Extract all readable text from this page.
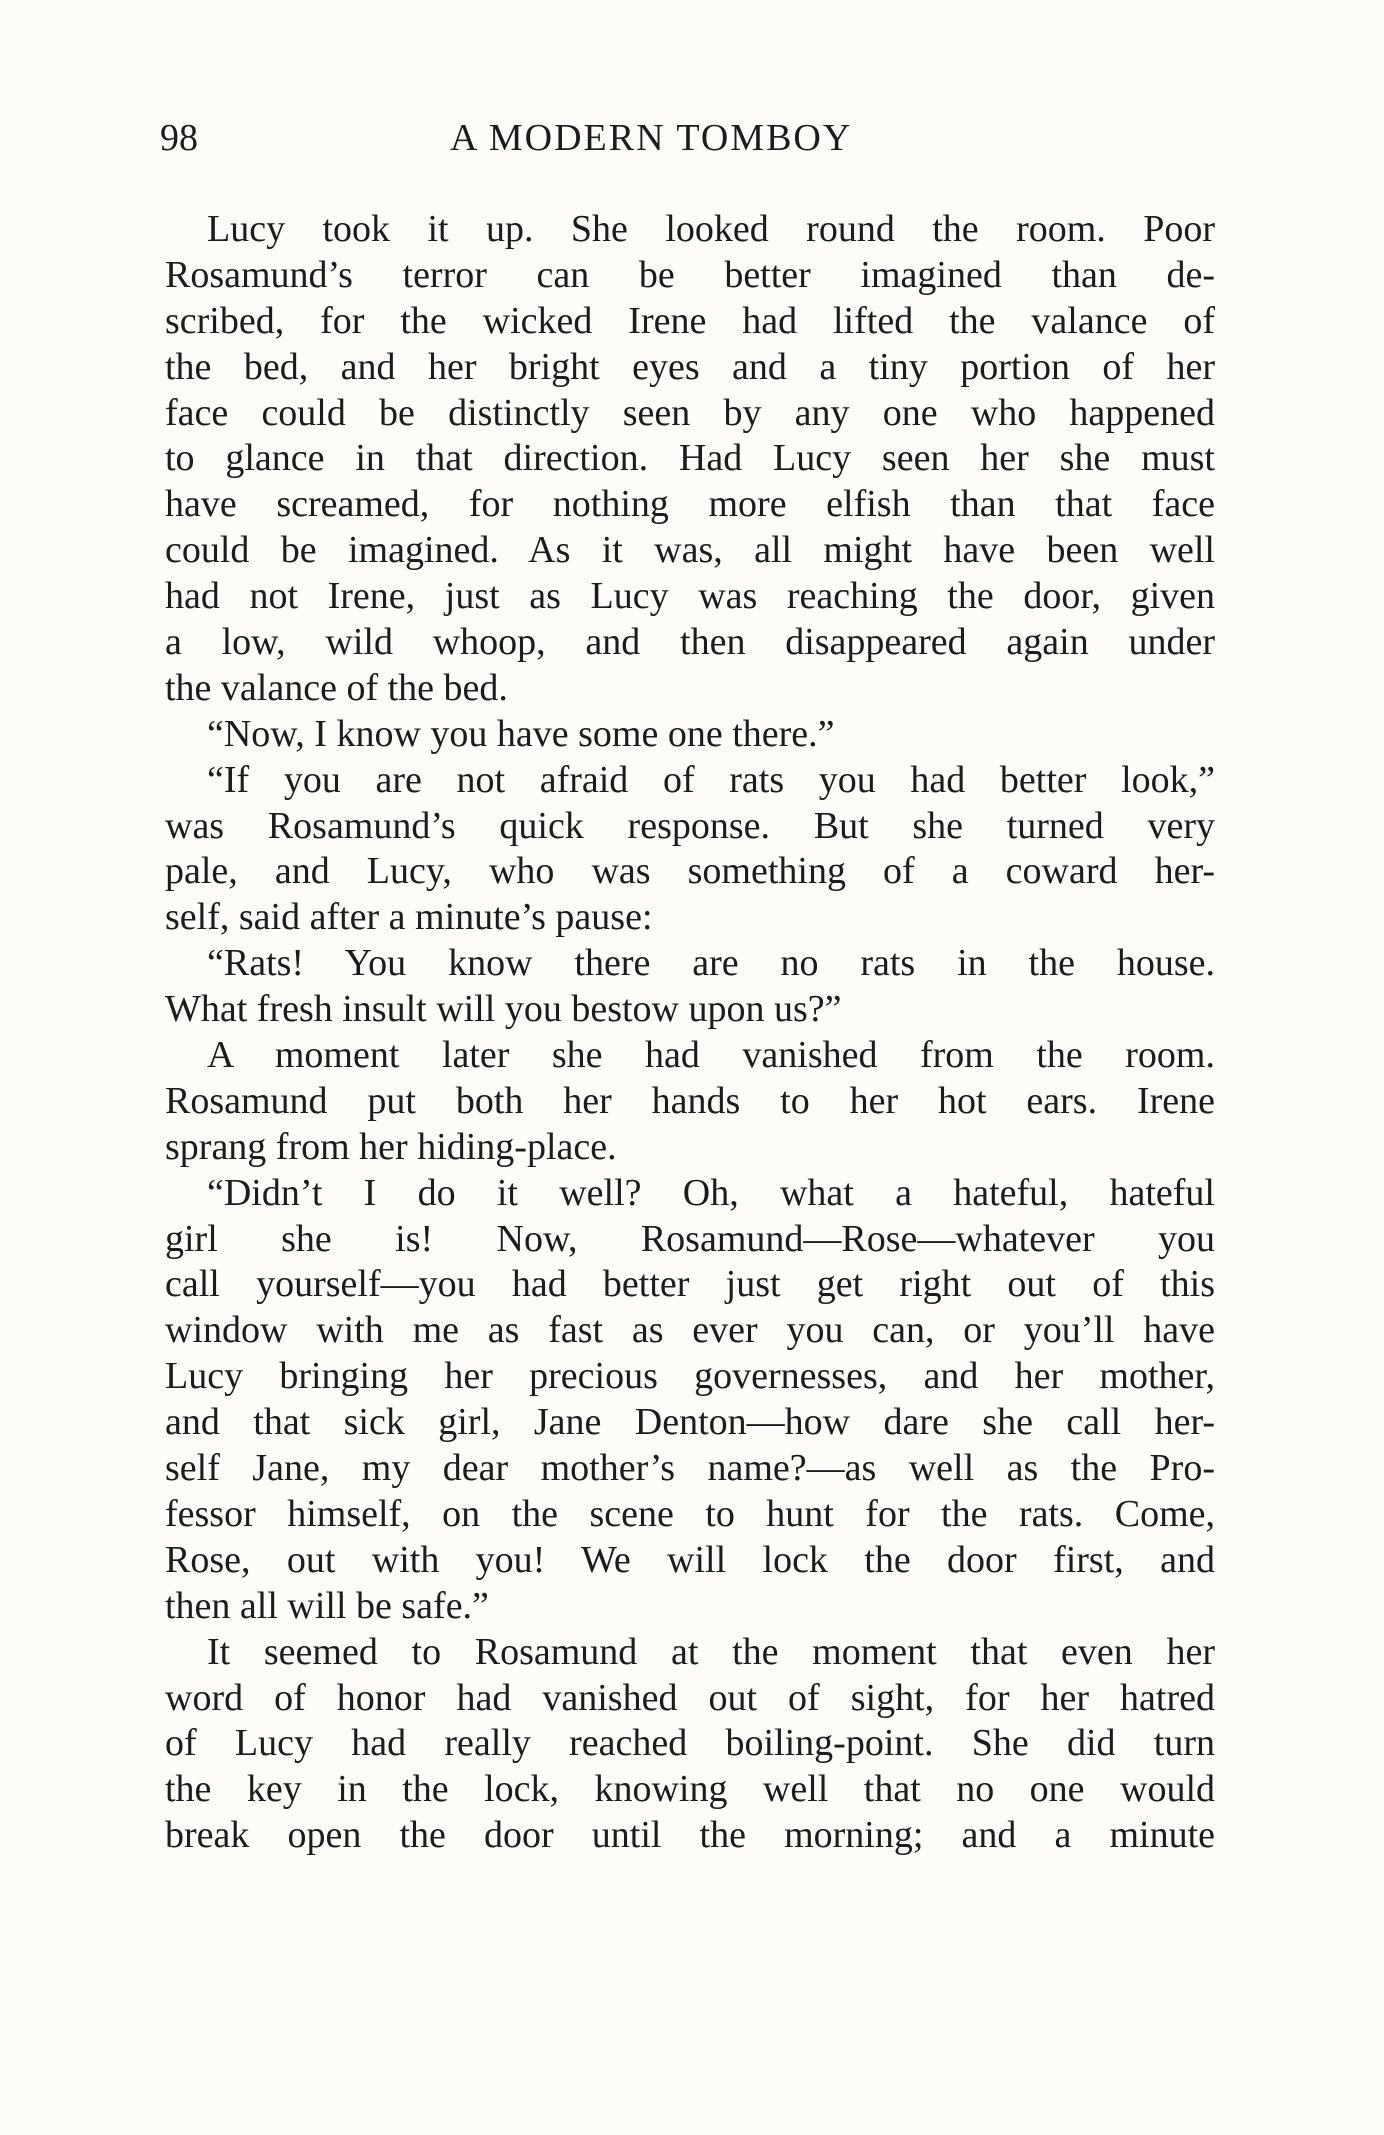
98	A MODERN TOMBOY
Lucy took it up. She looked round the room. Poor
Rosamund’s terror can be better imagined than de-
scribed, for the wicked Irene had lifted the valance of
the bed, and her bright eyes and a tiny portion of her
face could be distinctly seen by any one who happened
to glance in that direction. Had Lucy seen her she must
have screamed, for nothing more elfish than that face
could be imagined. As it was, all might have been well
had not Irene, just as Lucy was reaching the door, given
a low, wild whoop, and then disappeared again under
the valance of the bed.
“Now, I know you have some one there.”
“If you are not afraid of rats you had better look,”
was Rosamund’s quick response. But she turned very
pale, and Lucy, who was something of a coward her-
self, said after a minute’s pause:
“Rats! You know there are no rats in the house.
What fresh insult will you bestow upon us?”
A moment later she had vanished from the room.
Rosamund put both her hands to her hot ears. Irene
sprang from her hiding-place.
“Didn’t I do it well? Oh, what a hateful, hateful
girl she is! Now, Rosamund—Rose—whatever you
call yourself—you had better just get right out of this
window with me as fast as ever you can, or you’ll have
Lucy bringing her precious governesses, and her mother,
and that sick girl, Jane Denton—how dare she call her-
self Jane, my dear mother’s name?—as well as the Pro-
fessor himself, on the scene to hunt for the rats. Come,
Rose, out with you! We will lock the door first, and
then all will be safe.”
It seemed to Rosamund at the moment that even her
word of honor had vanished out of sight, for her hatred
of Lucy had really reached boiling-point. She did turn
the key in the lock, knowing well that no one would
break open the door until the morning; and a minute
